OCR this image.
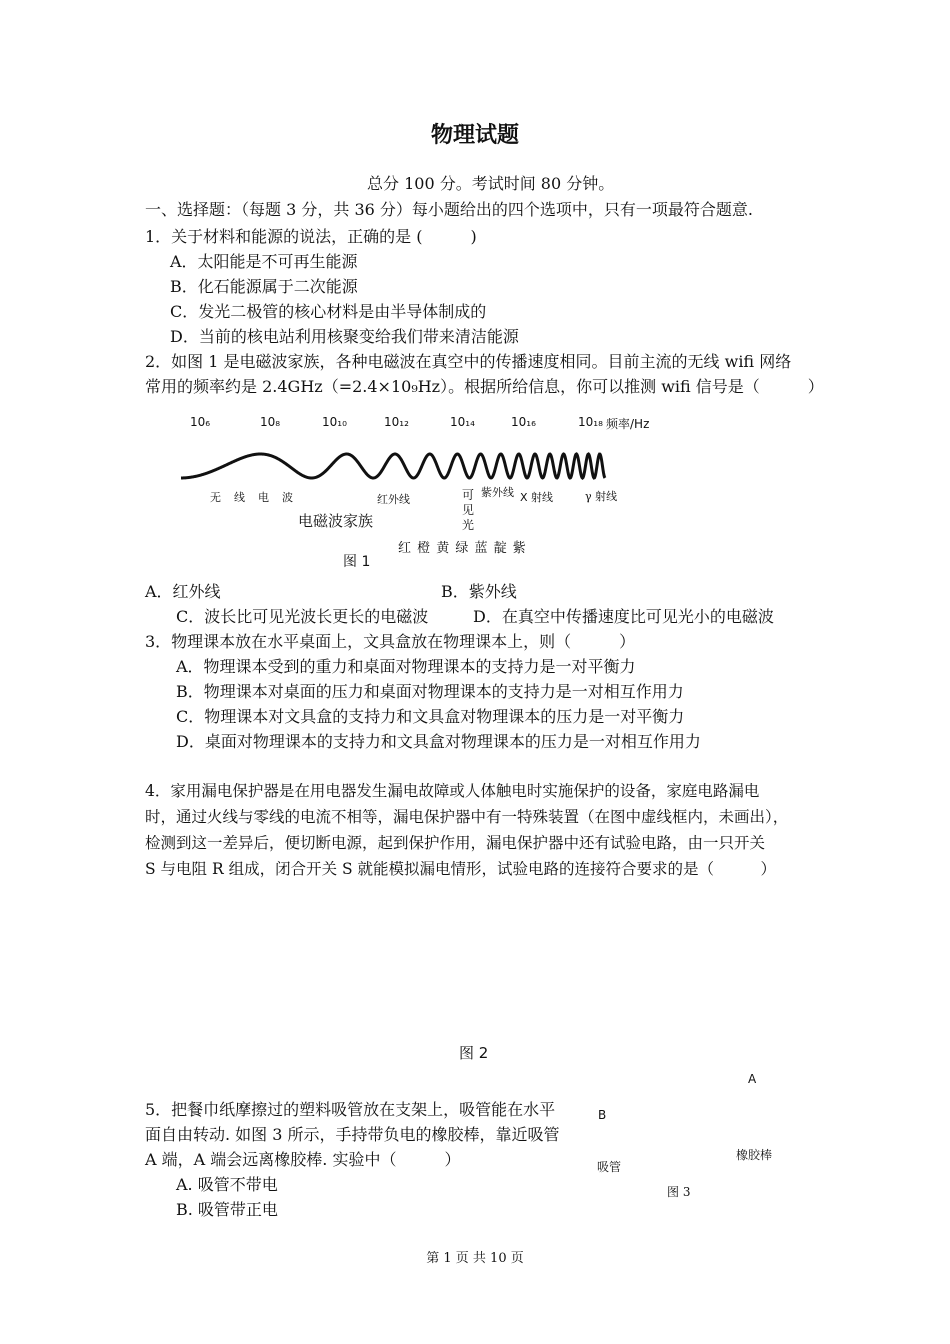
物理试题
总分 100 分。考试时间 80 分钟。
一、选择题：（每题 3 分，共 36 分）每小题给出的四个选项中，只有一项最符合题意.
1．关于材料和能源的说法，正确的是 (　　　)
A．太阳能是不可再生能源
B．化石能源属于二次能源
C．发光二极管的核心材料是由半导体制成的
D．当前的核电站利用核聚变给我们带来清洁能源
2．如图 1 是电磁波家族，各种电磁波在真空中的传播速度相同。目前主流的无线 wifi 网络
常用的频率约是 2.4GHz（=2.4×10₉Hz）。根据所给信息，你可以推测 wifi 信号是（　　　）
10₆	10₈	10₁₀	10₁₂	10₁₄	10₁₆	10₁₈ 频率/Hz
无　线　电　波	红外线	可
见
光
紫外线 X 射线	γ 射线
电磁波家族
红 橙 黄 绿 蓝 靛 紫
图 1
A．红外线	B．紫外线
C．波长比可见光波长更长的电磁波	D．在真空中传播速度比可见光小的电磁波
3．物理课本放在水平桌面上，文具盒放在物理课本上，则（　　　）
A．物理课本受到的重力和桌面对物理课本的支持力是一对平衡力
B．物理课本对桌面的压力和桌面对物理课本的支持力是一对相互作用力
C．物理课本对文具盒的支持力和文具盒对物理课本的压力是一对平衡力
D．桌面对物理课本的支持力和文具盒对物理课本的压力是一对相互作用力
4．家用漏电保护器是在用电器发生漏电故障或人体触电时实施保护的设备，家庭电路漏电
时，通过火线与零线的电流不相等，漏电保护器中有一特殊装置（在图中虚线框内，未画出），
检测到这一差异后，便切断电源，起到保护作用，漏电保护器中还有试验电路，由一只开关
S 与电阻 R 组成，闭合开关 S 就能模拟漏电情形，试验电路的连接符合要求的是（　　　）
图 2
5．把餐巾纸摩擦过的塑料吸管放在支架上，吸管能在水平
面自由转动. 如图 3 所示，手持带负电的橡胶棒，靠近吸管
A 端，A 端会远离橡胶棒. 实验中（　　　）
A. 吸管不带电
B. 吸管带正电
A
B
吸管
橡胶棒
图 3
第 1 页 共 10 页
